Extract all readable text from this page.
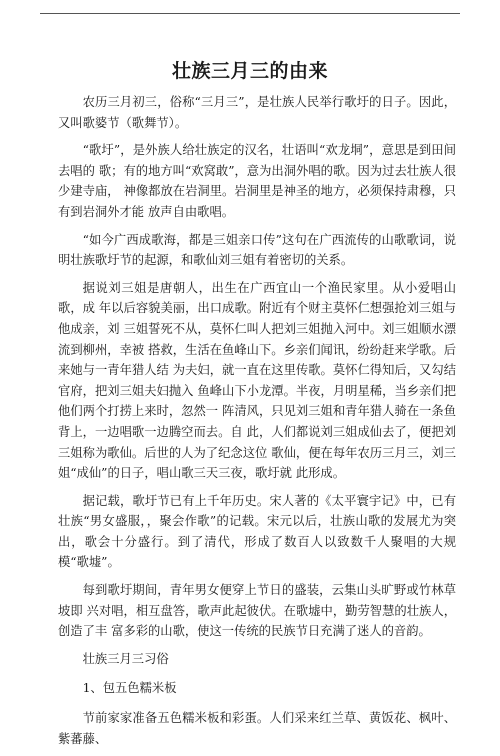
壮族三月三的由来

农历三月初三，俗称“三月三”，是壮族人民举行歌圩的日子。因此，又叫歌婆节（歌舞节）。

“歌圩”，是外族人给壮族定的汉名，壮语叫“欢龙垌”，意思是到田间去唱的 歌；有的地方叫“欢窝敢”，意为出洞外唱的歌。因为过去壮族人很少建寺庙， 神像都放在岩洞里。岩洞里是神圣的地方，必须保持肃穆，只有到岩洞外才能 放声自由歌唱。

“如今广西成歌海，都是三姐亲口传”这句在广西流传的山歌歌词，说明壮族歌圩节的起源，和歌仙刘三姐有着密切的关系。

据说刘三姐是唐朝人，出生在广西宜山一个渔民家里。从小爱唱山歌，成 年以后容貌美丽，出口成歌。附近有个财主莫怀仁想强抢刘三姐与他成亲，刘 三姐誓死不从，莫怀仁叫人把刘三姐抛入河中。刘三姐顺水漂流到柳州，幸被 搭救，生活在鱼峰山下。乡亲们闻讯，纷纷赶来学歌。后来她与一青年猎人结 为夫妇，就一直在这里传歌。莫怀仁得知后，又勾结官府，把刘三姐夫妇抛入 鱼峰山下小龙潭。半夜，月明星稀，当乡亲们把他们两个打捞上来时，忽然一 阵清风，只见刘三姐和青年猎人骑在一条鱼背上，一边唱歌一边腾空而去。自 此，人们都说刘三姐成仙去了，便把刘三姐称为歌仙。后世的人为了纪念这位 歌仙，便在每年农历三月三，刘三姐“成仙”的日子，唱山歌三天三夜，歌圩就 此形成。

据记载，歌圩节已有上千年历史。宋人著的《太平寰宇记》中，已有壮族“男女盛服，，聚会作歌”的记载。宋元以后，壮族山歌的发展尤为突出，歌会十分盛行。到了清代，形成了数百人以致数千人聚唱的大规模“歌墟”。

每到歌圩期间，青年男女便穿上节日的盛装，云集山头旷野或竹林草坡即 兴对唱，相互盘答，歌声此起彼伏。在歌墟中，勤劳智慧的壮族人，创造了丰 富多彩的山歌，使这一传统的民族节日充满了迷人的音韵。

壮族三月三习俗

1、包五色糯米板

节前家家准备五色糯米板和彩蛋。人们采来红兰草、黄饭花、枫叶、紫蕃藤、
